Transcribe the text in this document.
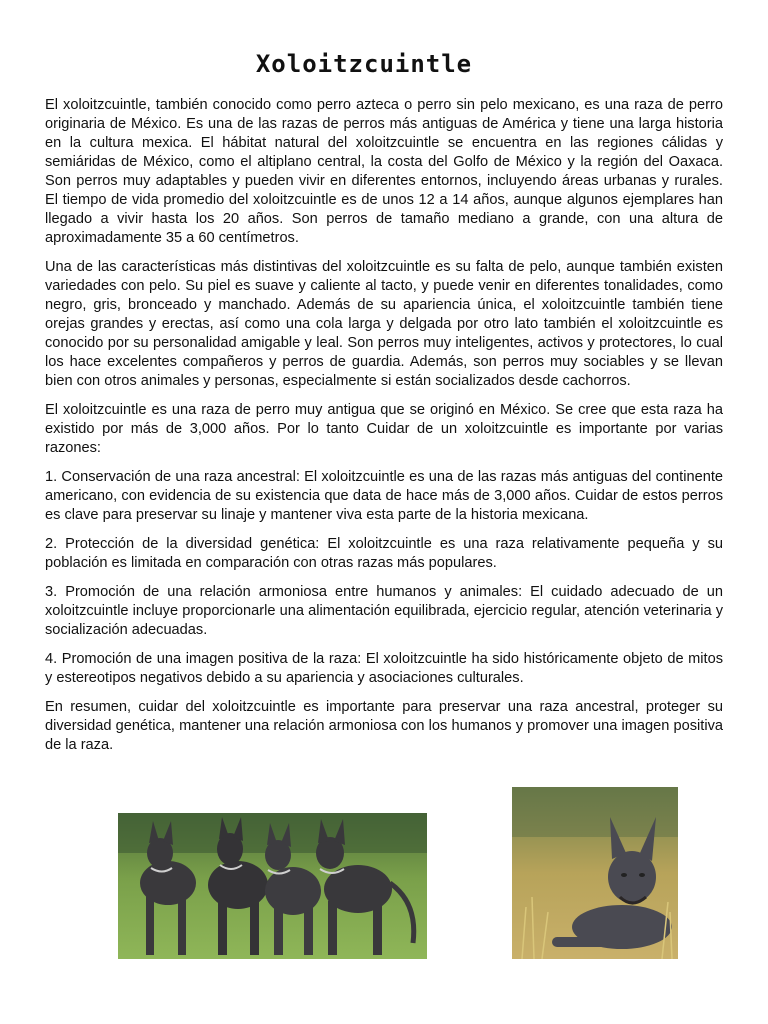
Xoloitzcuintle

El xoloitzcuintle, también conocido como perro azteca o perro sin pelo mexicano, es una raza de perro originaria de México. Es una de las razas de perros más antiguas de América y tiene una larga historia en la cultura mexica. El hábitat natural del xoloitzcuintle se encuentra en las regiones cálidas y semiáridas de México, como el altiplano central, la costa del Golfo de México y la región del Oaxaca. Son perros muy adaptables y pueden vivir en diferentes entornos, incluyendo áreas urbanas y rurales. El tiempo de vida promedio del xoloitzcuintle es de unos 12 a 14 años, aunque algunos ejemplares han llegado a vivir hasta los 20 años. Son perros de tamaño mediano a grande, con una altura de aproximadamente 35 a 60 centímetros.

Una de las características más distintivas del xoloitzcuintle es su falta de pelo, aunque también existen variedades con pelo. Su piel es suave y caliente al tacto, y puede venir en diferentes tonalidades, como negro, gris, bronceado y manchado. Además de su apariencia única, el xoloitzcuintle también tiene orejas grandes y erectas, así como una cola larga y delgada por otro lato también el xoloitzcuintle es conocido por su personalidad amigable y leal. Son perros muy inteligentes, activos y protectores, lo cual los hace excelentes compañeros y perros de guardia. Además, son perros muy sociables y se llevan bien con otros animales y personas, especialmente si están socializados desde cachorros.

El xoloitzcuintle es una raza de perro muy antigua que se originó en México. Se cree que esta raza ha existido por más de 3,000 años. Por lo tanto Cuidar de un xoloitzcuintle es importante por varias razones:

1. Conservación de una raza ancestral: El xoloitzcuintle es una de las razas más antiguas del continente americano, con evidencia de su existencia que data de hace más de 3,000 años. Cuidar de estos perros es clave para preservar su linaje y mantener viva esta parte de la historia mexicana.

2. Protección de la diversidad genética: El xoloitzcuintle es una raza relativamente pequeña y su población es limitada en comparación con otras razas más populares.

3. Promoción de una relación armoniosa entre humanos y animales: El cuidado adecuado de un xoloitzcuintle incluye proporcionarle una alimentación equilibrada, ejercicio regular, atención veterinaria y socialización adecuadas.

4. Promoción de una imagen positiva de la raza: El xoloitzcuintle ha sido históricamente objeto de mitos y estereotipos negativos debido a su apariencia y asociaciones culturales.

En resumen, cuidar del xoloitzcuintle es importante para preservar una raza ancestral, proteger su diversidad genética, mantener una relación armoniosa con los humanos y promover una imagen positiva de la raza.
